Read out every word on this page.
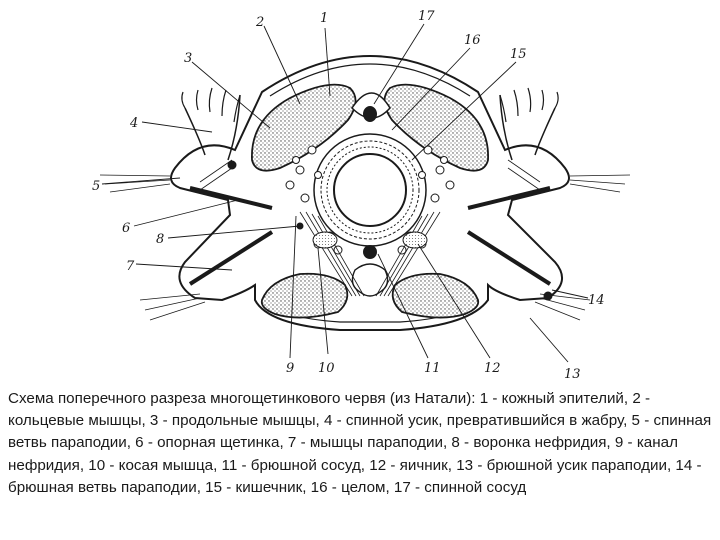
1
2
3
4
5
6
7
8
9 10	11	12	13
14
15
16
17
Схема поперечного разреза многощетинкового червя (из Натали): 1 - кожный эпителий, 2 - кольцевые мышцы, 3 - продольные мышцы, 4 - спинной усик, превратившийся в жабру, 5 - спинная ветвь параподии, 6 - опорная щетинка, 7 - мышцы параподии, 8 - воронка нефридия, 9 - канал нефридия, 10 - косая мышца, 11 - брюшной сосуд, 12 - яичник, 13 - брюшной усик параподии, 14 - брюшная ветвь параподии, 15 - кишечник, 16 - целом, 17 - спинной сосуд
